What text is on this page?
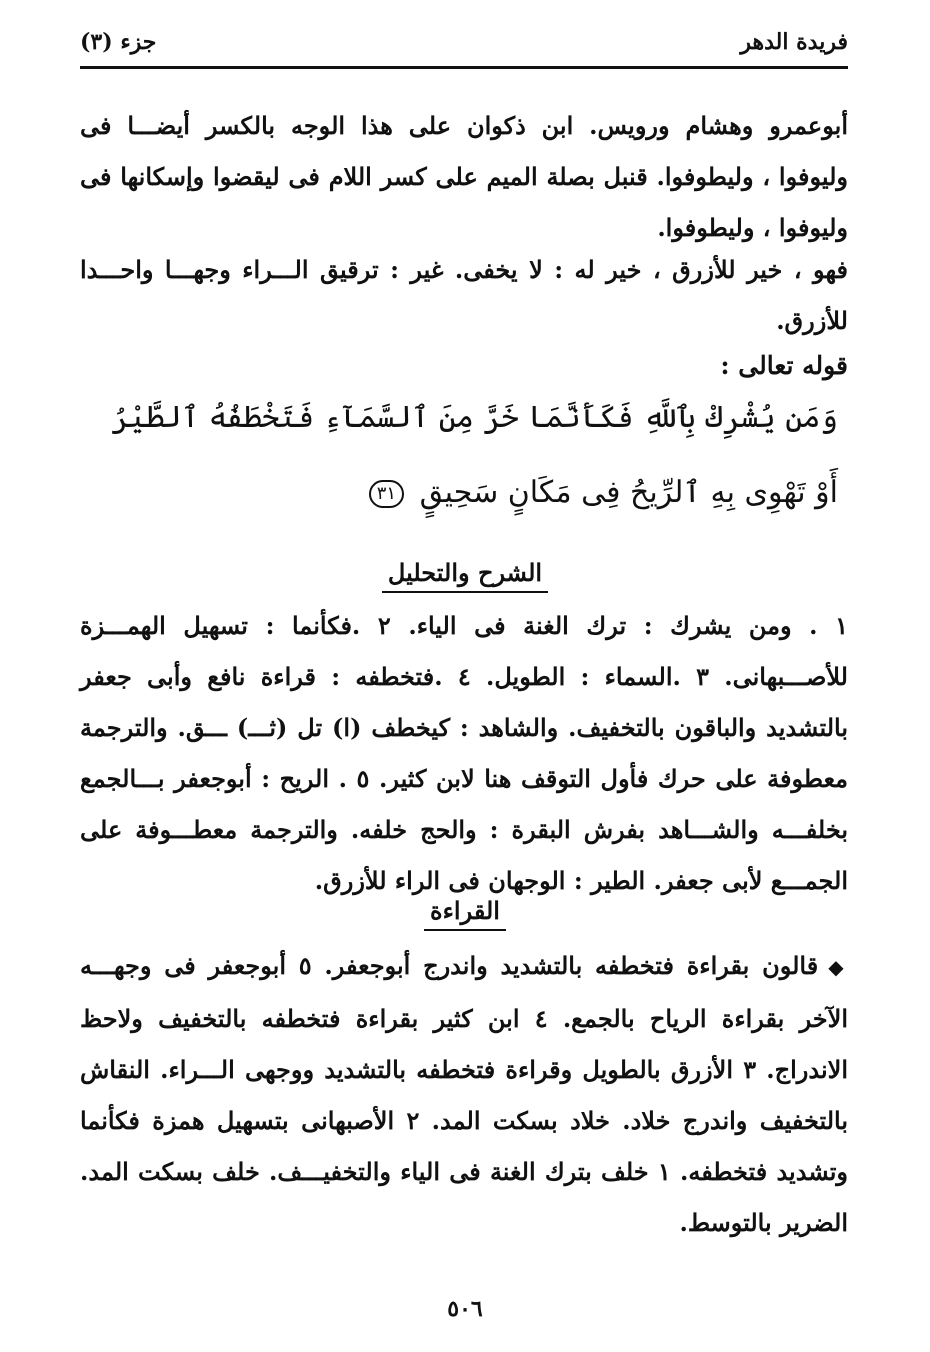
فريدة الدهر
جزء (٣)
أبوعمرو وهشام ورويس. ابن ذكوان على هذا الوجه بالكسر أيضـــا فى وليوفوا ، وليطوفوا. قنبل بصلة الميم على كسر اللام فى ليقضوا وإسكانها فى وليوفوا ، وليطوفوا.
فهو ، خير للأزرق ، خير له : لا يخفى. غير : ترقيق الـــراء وجهـــا واحـــدا للأزرق.
قوله تعالى :
وَمَن يُشْرِكْ بِٱللَّهِ فَكَأَنَّمَا خَرَّ مِنَ ٱلسَّمَآءِ فَتَخْطَفُهُ ٱلطَّيْرُ
أَوْ تَهْوِى بِهِ ٱلرِّيحُ فِى مَكَانٍ سَحِيقٍ ٣١
الشرح والتحليل
١ . ومن يشرك : ترك الغنة فى الياء. ٢ .فكأنما : تسهيل الهمـــزة للأصـــبهانى. ٣ .السماء : الطويل. ٤ .فتخطفه : قراءة نافع وأبى جعفر بالتشديد والباقون بالتخفيف. والشاهد : كيخطف (ا) تل (ثـــ) ـــق. والترجمة معطوفة على حرك فأول التوقف هنا لابن كثير. ٥ . الريح : أبوجعفر بـــالجمع بخلفـــه والشـــاهد بفرش البقرة : والحج خلفه. والترجمة معطـــوفة على الجمـــع لأبى جعفر. الطير : الوجهان فى الراء للأزرق.
القراءة
◆قالون بقراءة فتخطفه بالتشديد واندرج أبوجعفر. ٥ أبوجعفر فى وجهـــه الآخر بقراءة الرياح بالجمع. ٤ ابن كثير بقراءة فتخطفه بالتخفيف ولاحظ الاندراج. ٣ الأزرق بالطويل وقراءة فتخطفه بالتشديد ووجهى الـــراء. النقاش بالتخفيف واندرج خلاد. خلاد بسكت المد. ٢ الأصبهانى بتسهيل همزة فكأنما وتشديد فتخطفه. ١ خلف بترك الغنة فى الياء والتخفيـــف. خلف بسكت المد. الضرير بالتوسط.
٥٠٦
